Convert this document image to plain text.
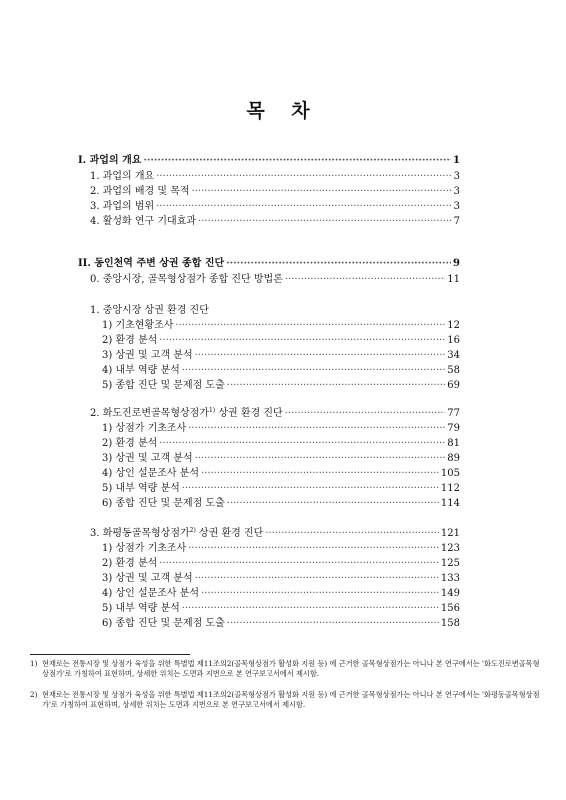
목 차
I. 과업의 개요 ·····	1
1. 과업의 개요 ·····	3
2. 과업의 배경 및 목적 ·····	3
3. 과업의 범위 ·····	3
4. 활성화 연구 기대효과 ·····	7
II. 동인천역 주변 상권 종합 진단 ·····	9
0. 중앙시장, 골목형상점가 종합 진단 방법론 ·····	11
1. 중앙시장 상권 환경 진단
1) 기초현황조사 ·····	12
2) 환경 분석 ·····	16
3) 상권 및 고객 분석 ·····	34
4) 내부 역량 분석 ·····	58
5) 종합 진단 및 문제점 도출 ·····	69
2. 화도진로변골목형상점가$^{1)}$ 상권 환경 진단 ·····	77
1) 상점가 기초조사 ·····	79
2) 환경 분석 ·····	81
3) 상권 및 고객 분석 ·····	89
4) 상인 설문조사 분석 ·····	105
5) 내부 역량 분석 ·····	112
6) 종합 진단 및 문제점 도출 ·····	114
3. 화평동골목형상점가$^{2)}$ 상권 환경 진단 ·····	121
1) 상점가 기초조사 ·····	123
2) 환경 분석 ·····	125
3) 상권 및 고객 분석 ·····	133
4) 상인 설문조사 분석 ·····	149
5) 내부 역량 분석 ·····	156
6) 종합 진단 및 문제점 도출 ·····	158
1) 현재로는 전통시장 및 상점가 육성을 위한 특별법 제11조의2(골목형상점가 활성화 지원 등) 에 근거한 골목형상점가는 아니나 본 연구에서는 '화도진로변골목형상점가'로 가칭하여 표현하며, 상세한 위치는 도면과 지번으로 본 연구보고서에서 제시함.
2) 현재로는 전통시장 및 상점가 육성을 위한 특별법 제11조의2(골목형상점가 활성화 지원 등) 에 근거한 골목형상점가는 아니나 본 연구에서는 '화평동골목형상점가'로 가칭하여 표현하며, 상세한 위치는 도면과 지번으로 본 연구보고서에서 제시함.
